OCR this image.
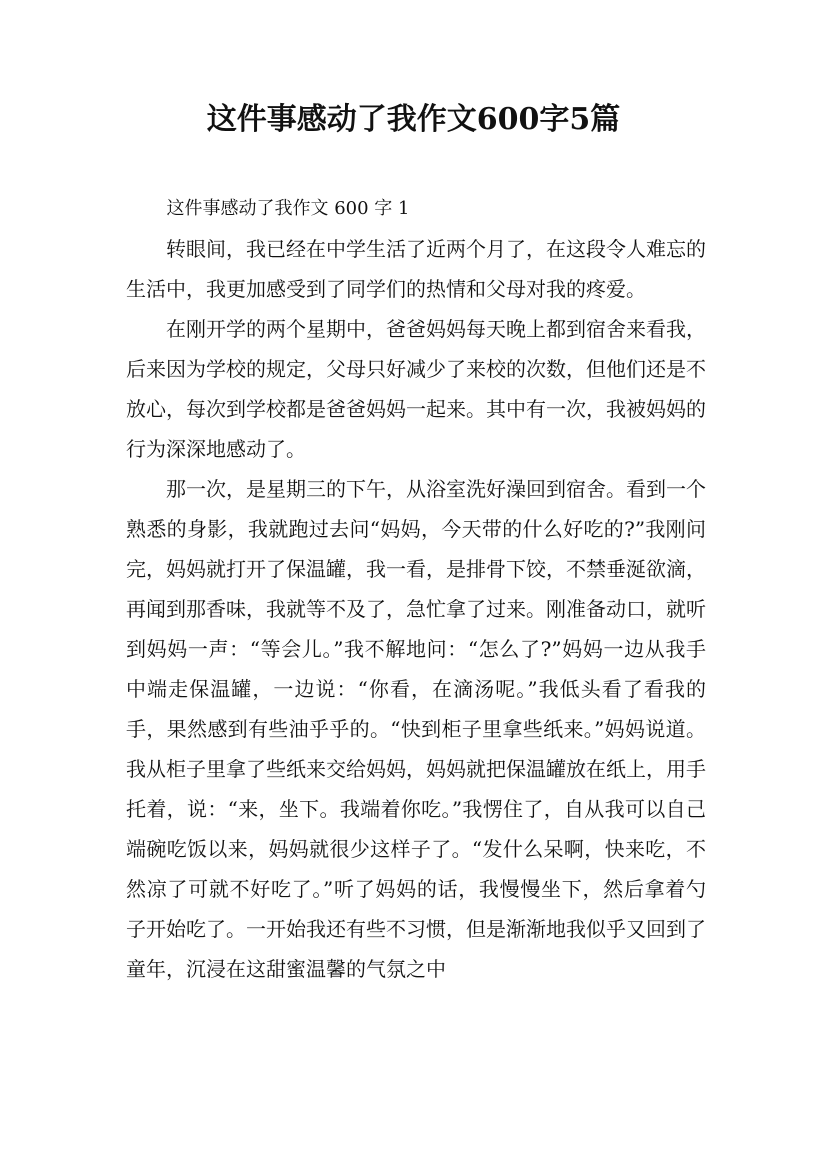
这件事感动了我作文600字5篇

这件事感动了我作文 600 字 1

转眼间，我已经在中学生活了近两个月了，在这段令人难忘的生活中，我更加感受到了同学们的热情和父母对我的疼爱。

在刚开学的两个星期中，爸爸妈妈每天晚上都到宿舍来看我，后来因为学校的规定，父母只好减少了来校的次数，但他们还是不放心，每次到学校都是爸爸妈妈一起来。其中有一次，我被妈妈的行为深深地感动了。

那一次，是星期三的下午，从浴室洗好澡回到宿舍。看到一个熟悉的身影，我就跑过去问“妈妈，今天带的什么好吃的?”我刚问完，妈妈就打开了保温罐，我一看，是排骨下饺，不禁垂涎欲滴，再闻到那香味，我就等不及了，急忙拿了过来。刚准备动口，就听到妈妈一声：“等会儿。”我不解地问：“怎么了?”妈妈一边从我手中端走保温罐，一边说：“你看，在滴汤呢。”我低头看了看我的手，果然感到有些油乎乎的。“快到柜子里拿些纸来。”妈妈说道。我从柜子里拿了些纸来交给妈妈，妈妈就把保温罐放在纸上，用手托着，说：“来，坐下。我端着你吃。”我愣住了，自从我可以自己端碗吃饭以来，妈妈就很少这样子了。“发什么呆啊，快来吃，不然凉了可就不好吃了。”听了妈妈的话，我慢慢坐下，然后拿着勺子开始吃了。一开始我还有些不习惯，但是渐渐地我似乎又回到了童年，沉浸在这甜蜜温馨的气氛之中
